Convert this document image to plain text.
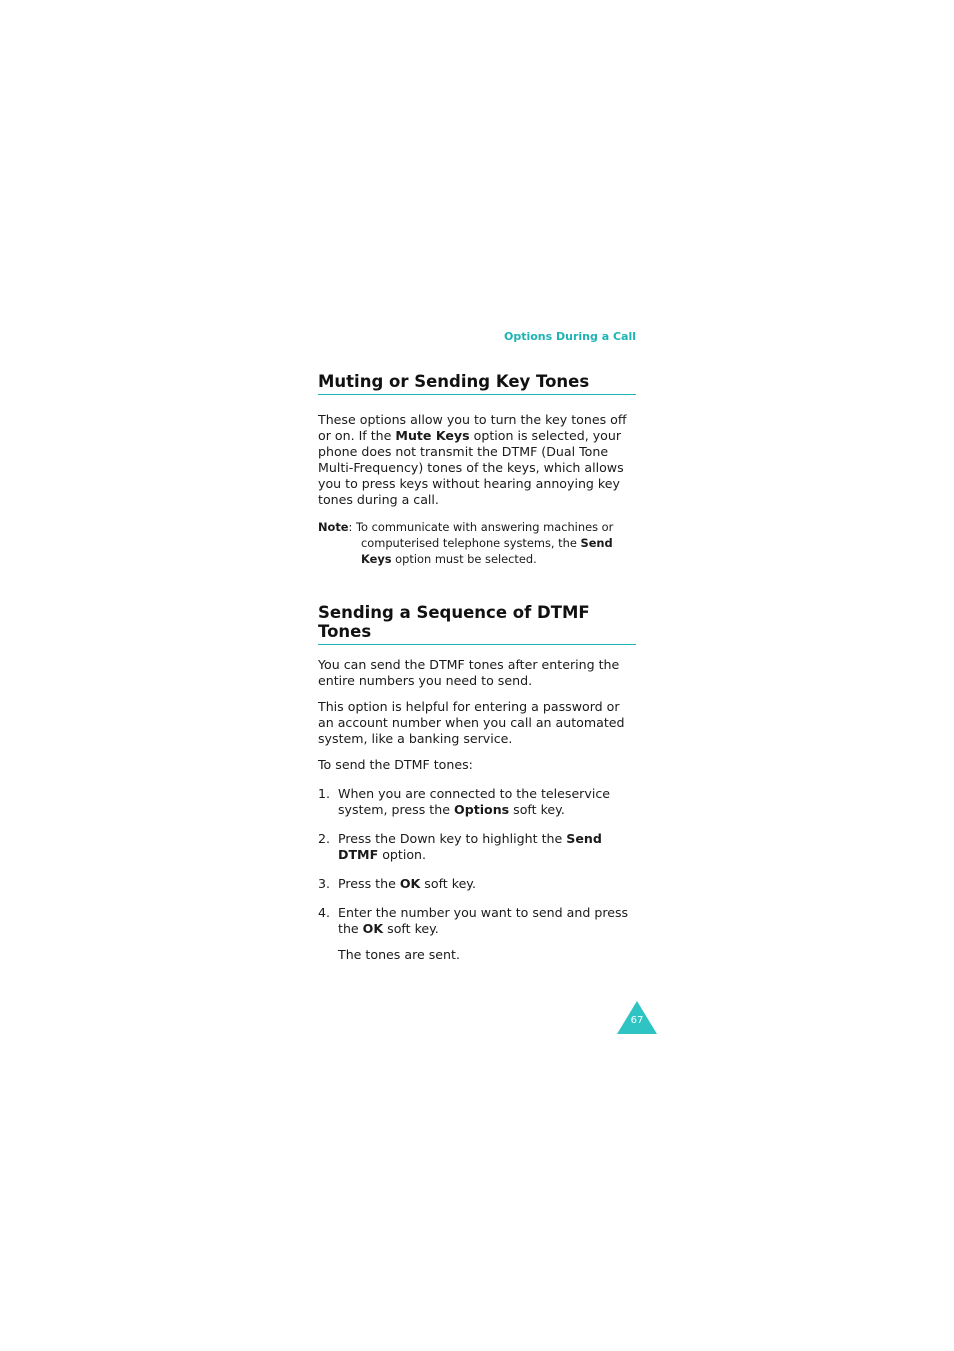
Options During a Call
Muting or Sending Key Tones

These options allow you to turn the key tones off or on. If the Mute Keys option is selected, your phone does not transmit the DTMF (Dual Tone Multi-Frequency) tones of the keys, which allows you to press keys without hearing annoying key tones during a call.

Note: To communicate with answering machines or computerised telephone systems, the Send Keys option must be selected.

Sending a Sequence of DTMF Tones

You can send the DTMF tones after entering the entire numbers you need to send.

This option is helpful for entering a password or an account number when you call an automated system, like a banking service.

To send the DTMF tones:

1. When you are connected to the teleservice system, press the Options soft key.
2. Press the Down key to highlight the Send DTMF option.
3. Press the OK soft key.
4. Enter the number you want to send and press the OK soft key.

The tones are sent.

67
